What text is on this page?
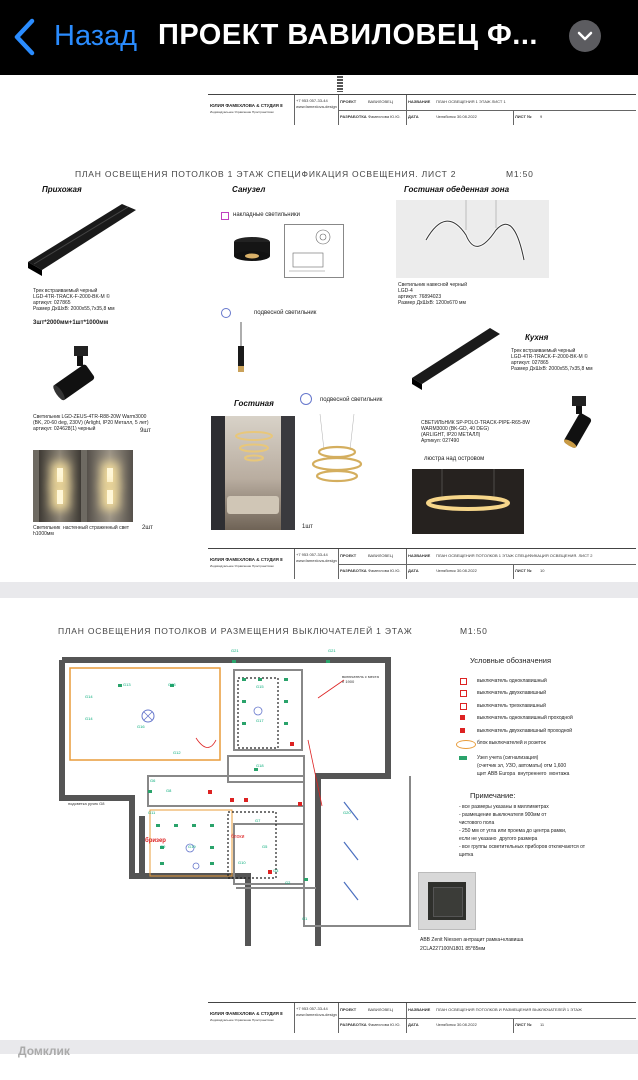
Назад ПРОЕКТ ВАВИЛОВЕЦ Ф...
ЮЛИЯ ФАМЕХЛОВА & СТУДИЯ 8
Индивидуальное Управление Пространством
+7 953 057-33-44
www.famexlova-design
ПРОЕКТ	ВАВИЛОВЕЦ
РАЗРАБОТКА Фамехлова Ю.Ю.
НАЗВАНИЕ ПЛАН ОСВЕЩЕНИЯ 1 ЭТАЖ ЛИСТ 1
ДАТА	Челябинск 30.08.2022	ЛИСТ № 9
ПЛАН ОСВЕЩЕНИЯ ПОТОЛКОВ 1 ЭТАЖ СПЕЦИФИКАЦИЯ ОСВЕЩЕНИЯ. ЛИСТ 2	М1:50
Прихожая
Трек встраиваемый черный
LGD-4TR-TRACK-F-2000-BK-M ©
артикул: 027865
Размер ДхШхВ: 2000х55,7х35,8 мм
3шт*2000мм+1шт*1000мм
Светильник LGD-ZEUS-4TR-R88-20W Warm3000
(BK, 20-60 deg, 230V) (Arlight, IP20 Металл, 5 лет)
артикул: 024628(1) черный	9шт
Светильник  настенный страженный свет
h1000мм
2шт
Санузел
накладные светильники
подвесной светильник
Гостиная	подвесной светильник
1шт
Гостиная обеденная зона
Светильник навесной черный
LGD-4
артикул: 76894023
Размер ДхШхВ: 1200х670 мм
Кухня
Трек встраиваемый черный
LGD-4TR-TRACK-F-2000-BK-M ©
артикул: 027865
Размер ДхШхВ: 2000х55,7х35,8 мм
СВЕТИЛЬНИК SP-POLO-TRACK-PIPE-R65-8W
WARM3000 (BK-GD, 40 DEG)
(ARLIGHT, IP20 МЕТАЛЛ)
Артикул: 027490
люстра над островом
ЮЛИЯ ФАМЕХЛОВА & СТУДИЯ 8
Индивидуальное Управление Пространством
+7 953 057-33-44
www.famexlova-design
ПРОЕКТ	ВАВИЛОВЕЦ
РАЗРАБОТКА Фамехлова Ю.Ю.
НАЗВАНИЕ ПЛАН ОСВЕЩЕНИЯ ПОТОЛКОВ 1 ЭТАЖ СПЕЦИФИКАЦИЯ ОСВЕЩЕНИЯ. ЛИСТ 2
ДАТА	Челябинск 30.08.2022	ЛИСТ № 10
ПЛАН ОСВЕЩЕНИЯ ПОТОЛКОВ И РАЗМЕЩЕНИЯ ВЫКЛЮЧАТЕЛЕЙ 1 ЭТАЖ	М1:50
G21	G21
G13	G13
G14
G14
G16
G12
G15
G17
G18
G6
G11
G9	G19
G10
G20
G7
G1
G2
G3
G5
G8
включатель с места
h 1900
подсветка ручек G8
бризер
блоки
Условные обозначения
выключатель одноклавишный
выключатель двухклавишный
выключатель трехклавишный
выключатель одноклавишный проходной
выключатель двухклавишный проходной
блок выключателей и розеток
Узел учета (сигнализация)
(счетчик эл, УЗО, автоматы) отм 1,600
щит ABB Europa  внутреннего  монтажа
Примечание:
- все размеры указаны в миллиметрах
- размещение выключателя 900мм от
чистового пола
- 250 мм от угла или проема до центра рамки,
если не указано  другого размера
- все группы осветительных приборов отключаются от
щитка
ABB Zenit Niessen антрацит рамка+клавиша
2CLA227100N1801 85*85мм
ЮЛИЯ ФАМЕХЛОВА & СТУДИЯ 8
Индивидуальное Управление Пространством
+7 953 057-33-44
www.famexlova-design
ПРОЕКТ	ВАВИЛОВЕЦ
РАЗРАБОТКА Фамехлова Ю.Ю.
НАЗВАНИЕ ПЛАН ОСВЕЩЕНИЯ ПОТОЛКОВ И РАЗМЕЩЕНИЯ ВЫКЛЮЧАТЕЛЕЙ 1 ЭТАЖ
ДАТА	Челябинск 30.08.2022	ЛИСТ № 11
Домклик
